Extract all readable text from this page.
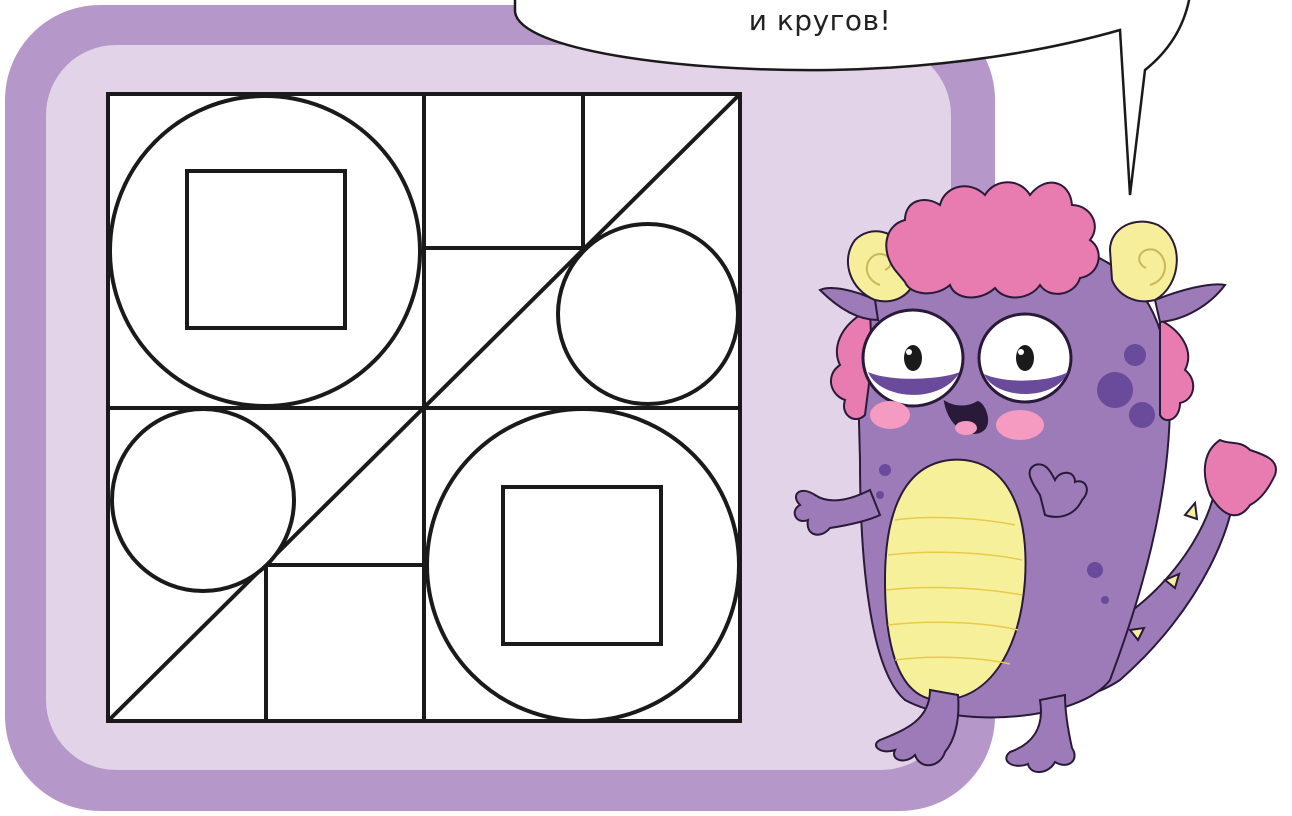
и кругов!
